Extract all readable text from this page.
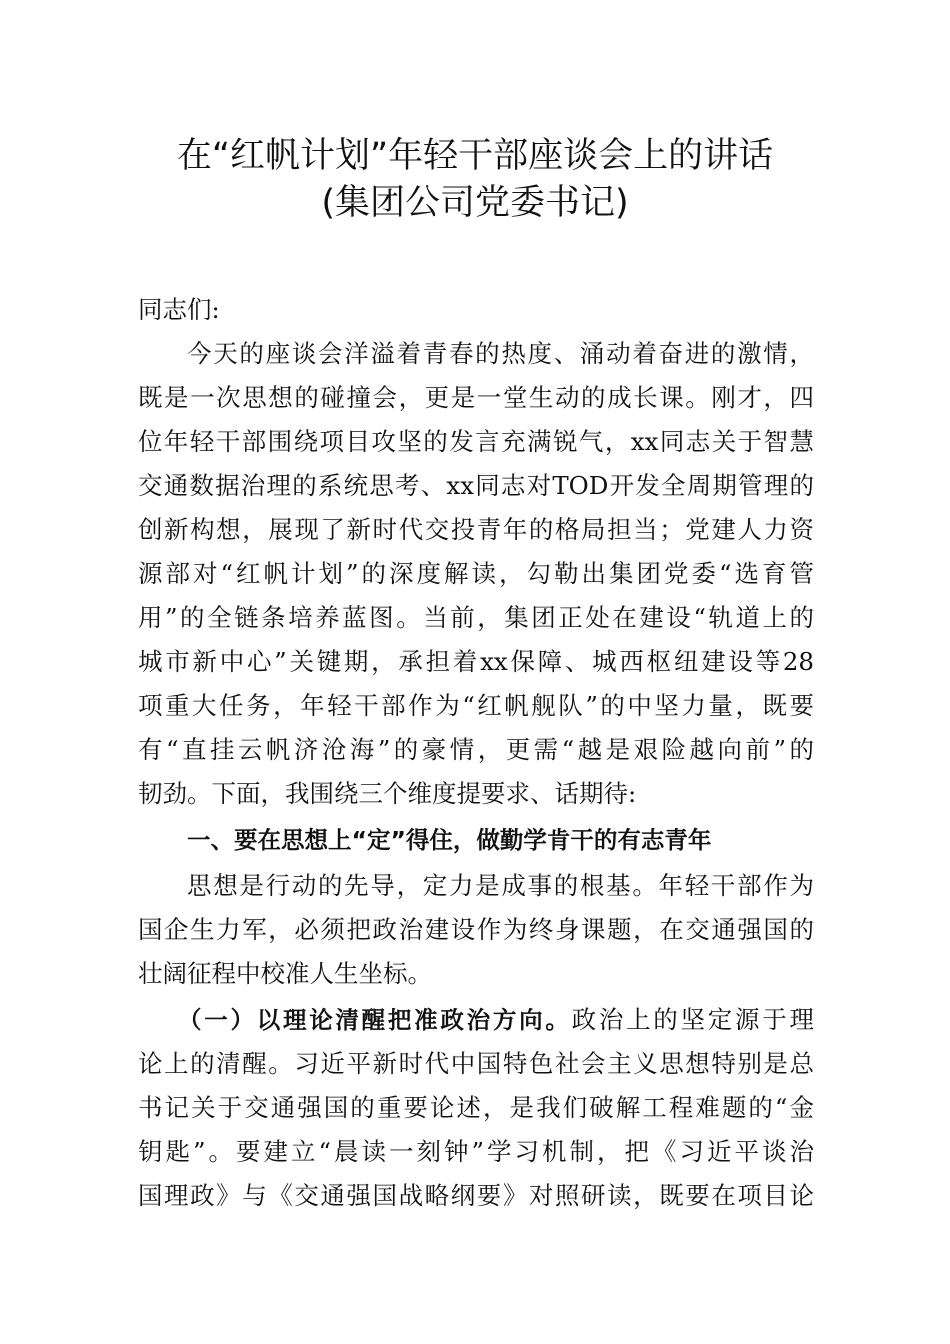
在“红帆计划”年轻干部座谈会上的讲话
(集团公司党委书记)
同志们:
今天的座谈会洋溢着青春的热度、涌动着奋进的激情，
既是一次思想的碰撞会，更是一堂生动的成长课。刚才，四
位年轻干部围绕项目攻坚的发言充满锐气，xx同志关于智慧
交通数据治理的系统思考、xx同志对TOD开发全周期管理的
创新构想，展现了新时代交投青年的格局担当；党建人力资
源部对“红帆计划”的深度解读，勾勒出集团党委“选育管
用”的全链条培养蓝图。当前，集团正处在建设“轨道上的
城市新中心”关键期，承担着xx保障、城西枢纽建设等28
项重大任务，年轻干部作为“红帆舰队”的中坚力量，既要
有“直挂云帆济沧海”的豪情，更需“越是艰险越向前”的
韧劲。下面，我围绕三个维度提要求、话期待:
一、要在思想上“定”得住，做勤学肯干的有志青年
思想是行动的先导，定力是成事的根基。年轻干部作为
国企生力军，必须把政治建设作为终身课题，在交通强国的
壮阔征程中校准人生坐标。
（一）以理论清醒把准政治方向。政治上的坚定源于理
论上的清醒。习近平新时代中国特色社会主义思想特别是总
书记关于交通强国的重要论述，是我们破解工程难题的“金
钥匙”。要建立“晨读一刻钟”学习机制，把《习近平谈治
国理政》与《交通强国战略纲要》对照研读，既要在项目论
